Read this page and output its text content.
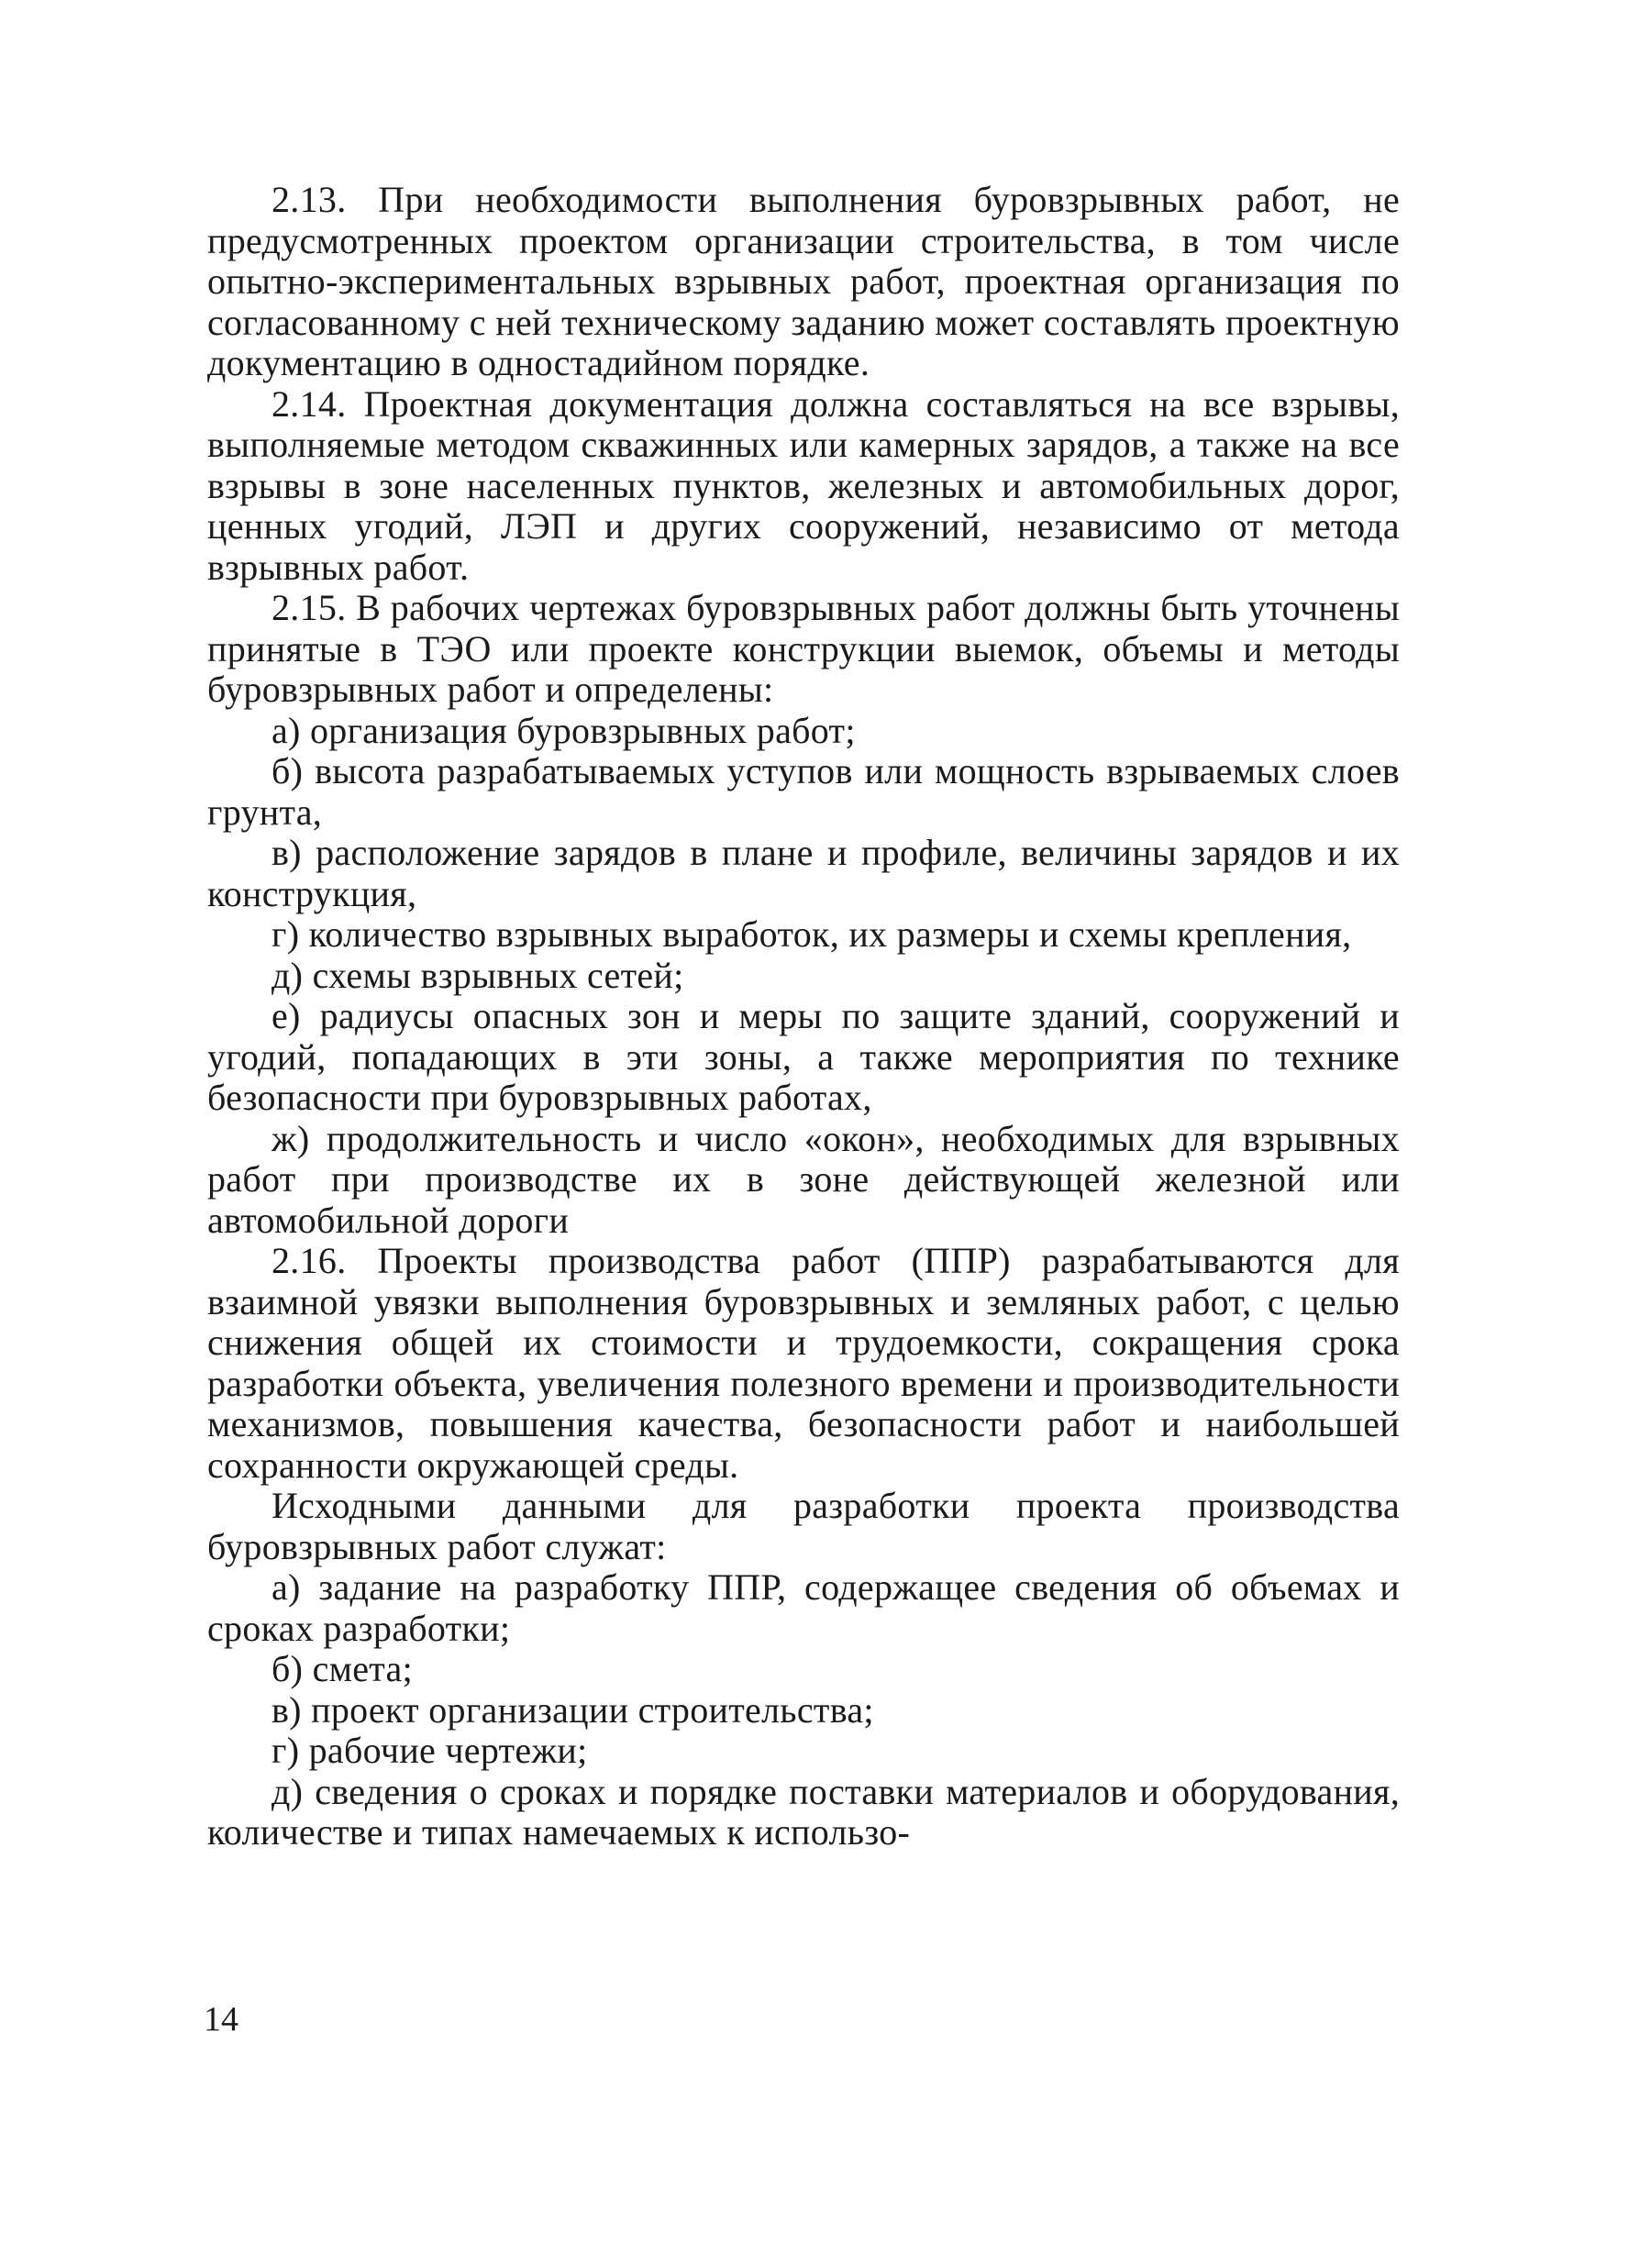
2.13. При необходимости выполнения буровзрывных работ, не предусмотренных проектом организации строительства, в том числе опытно-экспериментальных взрывных работ, проектная организация по согласованному с ней техническому заданию может составлять проектную документацию в одностадийном порядке.

2.14. Проектная документация должна составляться на все взрывы, выполняемые методом скважинных или камерных зарядов, а также на все взрывы в зоне населенных пунктов, железных и автомобильных дорог, ценных угодий, ЛЭП и других сооружений, независимо от метода взрывных работ.

2.15. В рабочих чертежах буровзрывных работ должны быть уточнены принятые в ТЭО или проекте конструкции выемок, объемы и методы буровзрывных работ и определены:

а) организация буровзрывных работ;

б) высота разрабатываемых уступов или мощность взрываемых слоев грунта,

в) расположение зарядов в плане и профиле, величины зарядов и их конструкция,

г) количество взрывных выработок, их размеры и схемы крепления,

д) схемы взрывных сетей;

е) радиусы опасных зон и меры по защите зданий, сооружений и угодий, попадающих в эти зоны, а также мероприятия по технике безопасности при буровзрывных работах,

ж) продолжительность и число «окон», необходимых для взрывных работ при производстве их в зоне действующей железной или автомобильной дороги

2.16. Проекты производства работ (ППР) разрабатываются для взаимной увязки выполнения буровзрывных и земляных работ, с целью снижения общей их стоимости и трудоемкости, сокращения срока разработки объекта, увеличения полезного времени и производительности механизмов, повышения качества, безопасности работ и наибольшей сохранности окружающей среды.

Исходными данными для разработки проекта производства буровзрывных работ служат:

а) задание на разработку ППР, содержащее сведения об объемах и сроках разработки;

б) смета;

в) проект организации строительства;

г) рабочие чертежи;

д) сведения о сроках и порядке поставки материалов и оборудования, количестве и типах намечаемых к использо-

14
